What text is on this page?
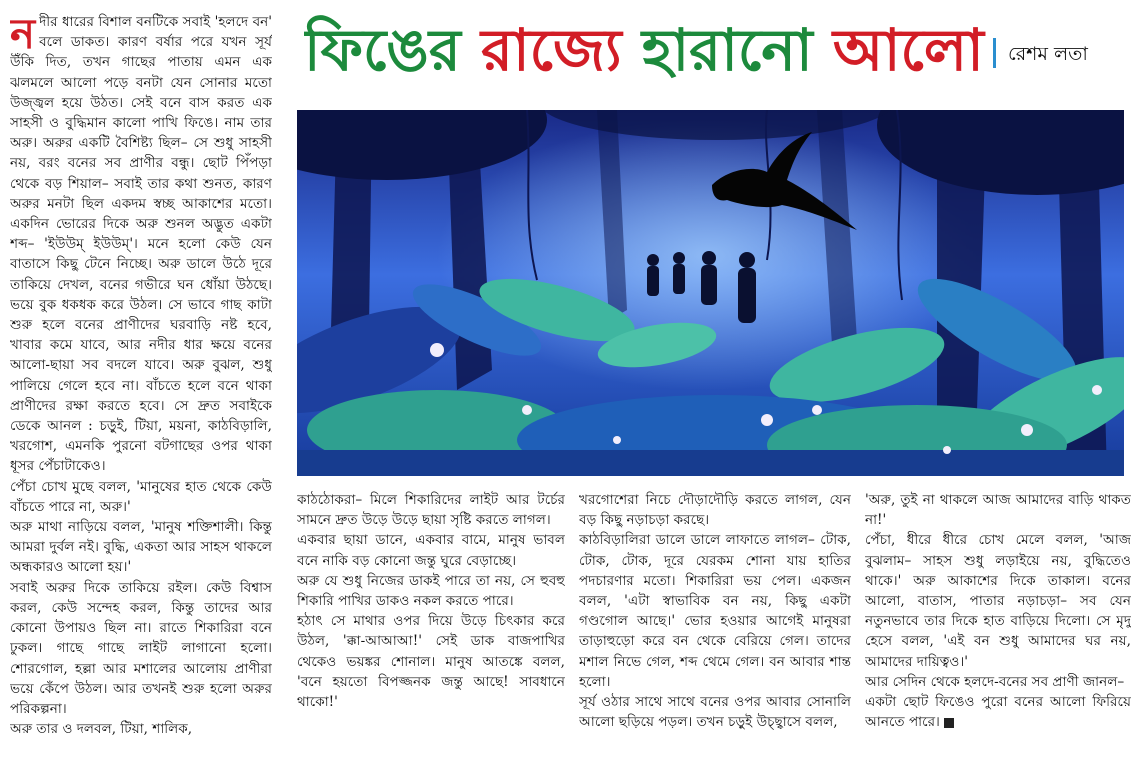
ফিঙের রাজ্যে হারানো আলো	রেশম লতা
ন দীর ধারের বিশাল বনটিকে সবাই 'হলদে বন' বলে ডাকত। কারণ বর্ষার পরে যখন সূর্য উঁকি দিত, তখন গাছের পাতায় এমন এক ঝলমলে আলো পড়ে বনটা যেন সোনার মতো উজ্জ্বল হয়ে উঠত। সেই বনে বাস করত এক সাহসী ও বুদ্ধিমান কালো পাখি ফিঙে। নাম তার অরু। অরুর একটি বৈশিষ্ট্য ছিল– সে শুধু সাহসী নয়, বরং বনের সব প্রাণীর বন্ধু। ছোট পিঁপড়া থেকে বড় শিয়াল– সবাই তার কথা শুনত, কারণ অরুর মনটা ছিল একদম স্বচ্ছ আকাশের মতো। একদিন ভোরের দিকে অরু শুনল অদ্ভুত একটা শব্দ– 'ইউউম্‌ ইউউম্‌'। মনে হলো কেউ যেন বাতাসে কিছু টেনে নিচ্ছে। অরু ডালে উঠে দূরে তাকিয়ে দেখল, বনের গভীরে ঘন ধোঁয়া উঠছে। ভয়ে বুক ধকধক করে উঠল। সে ভাবে গাছ কাটা শুরু হলে বনের প্রাণীদের ঘরবাড়ি নষ্ট হবে, খাবার কমে যাবে, আর নদীর ধার ক্ষয়ে বনের আলো-ছায়া সব বদলে যাবে। অরু বুঝল, শুধু পালিয়ে গেলে হবে না। বাঁচতে হলে বনে থাকা প্রাণীদের রক্ষা করতে হবে। সে দ্রুত সবাইকে ডেকে আনল : চড়ুই, টিয়া, ময়না, কাঠবিড়ালি, খরগোশ, এমনকি পুরনো বটগাছের ওপর থাকা ধূসর পেঁচাটাকেও।

পেঁচা চোখ মুছে বলল, 'মানুষের হাত থেকে কেউ বাঁচতে পারে না, অরু।'

অরু মাথা নাড়িয়ে বলল, 'মানুষ শক্তিশালী। কিন্তু আমরা দুর্বল নই। বুদ্ধি, একতা আর সাহস থাকলে অন্ধকারও আলো হয়।'

সবাই অরুর দিকে তাকিয়ে রইল। কেউ বিশ্বাস করল, কেউ সন্দেহ করল, কিন্তু তাদের আর কোনো উপায়ও ছিল না। রাতে শিকারিরা বনে ঢুকল। গাছে গাছে লাইট লাগানো হলো। শোরগোল, হল্লা আর মশালের আলোয় প্রাণীরা ভয়ে কেঁপে উঠল। আর তখনই শুরু হলো অরুর পরিকল্পনা।

অরু তার ও দলবল, টিয়া, শালিক,

কাঠঠোকরা– মিলে শিকারিদের লাইট আর টর্চের সামনে দ্রুত উড়ে উড়ে ছায়া সৃষ্টি করতে লাগল।

একবার ছায়া ডানে, একবার বামে, মানুষ ভাবল বনে নাকি বড় কোনো জন্তু ঘুরে বেড়াচ্ছে।

অরু যে শুধু নিজের ডাকই পারে তা নয়, সে হুবহু শিকারি পাখির ডাকও নকল করতে পারে।

হঠাৎ সে মাথার ওপর দিয়ে উড়ে চিৎকার করে উঠল, 'ক্কা-আআআ!' সেই ডাক বাজপাখির থেকেও ভয়ঙ্কর শোনাল। মানুষ আতঙ্কে বলল, 'বনে হয়তো বিপজ্জনক জন্তু আছে! সাবধানে থাকো!'

খরগোশেরা নিচে দৌড়াদৌড়ি করতে লাগল, যেন বড় কিছু নড়াচড়া করছে।

কাঠবিড়ালিরা ডালে ডালে লাফাতে লাগল– টোক, টোক, টোক, দূরে যেরকম শোনা যায় হাতির পদচারণার মতো। শিকারিরা ভয় পেল। একজন বলল, 'এটা স্বাভাবিক বন নয়, কিছু একটা গণ্ডগোল আছে।' ভোর হওয়ার আগেই মানুষরা তাড়াহুড়ো করে বন থেকে বেরিয়ে গেল। তাদের মশাল নিভে গেল, শব্দ থেমে গেল। বন আবার শান্ত হলো।

সূর্য ওঠার সাথে সাথে বনের ওপর আবার সোনালি আলো ছড়িয়ে পড়ল। তখন চড়ুই উচ্ছ্বাসে বলল,

'অরু, তুই না থাকলে আজ আমাদের বাড়ি থাকত না!'

পেঁচা, ধীরে ধীরে চোখ মেলে বলল, 'আজ বুঝলাম– সাহস শুধু লড়াইয়ে নয়, বুদ্ধিতেও থাকে।' অরু আকাশের দিকে তাকাল। বনের আলো, বাতাস, পাতার নড়াচড়া– সব যেন নতুনভাবে তার দিকে হাত বাড়িয়ে দিলো। সে মৃদু হেসে বলল, 'এই বন শুধু আমাদের ঘর নয়, আমাদের দায়িত্বও।'

আর সেদিন থেকে হলদে-বনের সব প্রাণী জানল–

একটা ছোট ফিঙেও পুরো বনের আলো ফিরিয়ে আনতে পারে।
